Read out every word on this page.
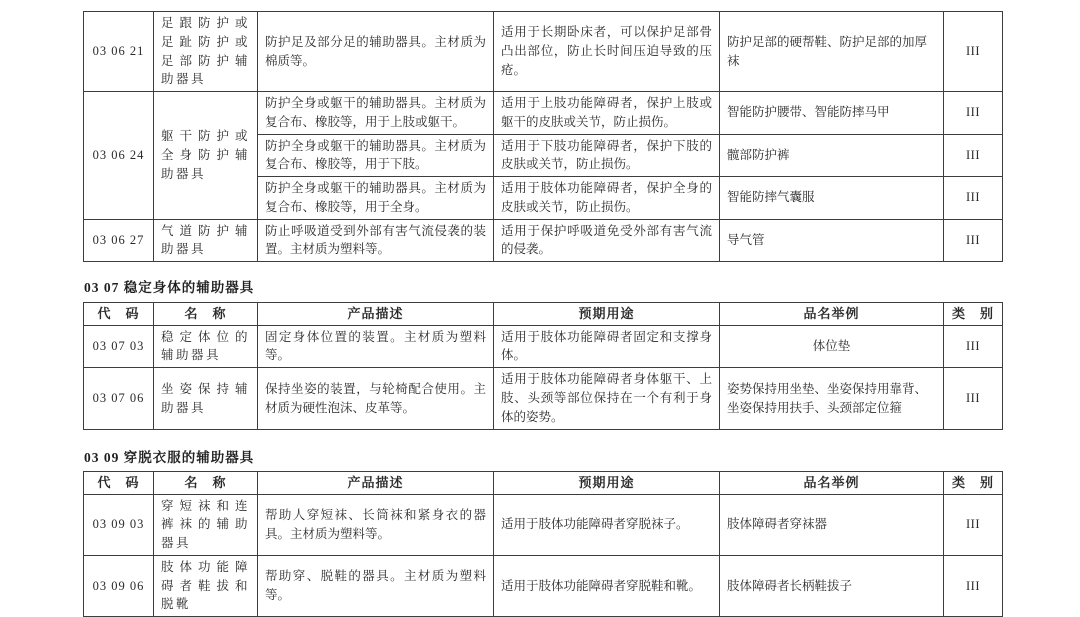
03 06 21	足跟防护或足趾防护或足部防护辅助器具	防护足及部分足的辅助器具。主材质为棉质等。	适用于长期卧床者，可以保护足部骨凸出部位，防止长时间压迫导致的压疮。	防护足部的硬帮鞋、防护足部的加厚袜	III
03 06 24	躯干防护或全身防护辅助器具	防护全身或躯干的辅助器具。主材质为复合布、橡胶等，用于上肢或躯干。	适用于上肢功能障碍者，保护上肢或躯干的皮肤或关节，防止损伤。	智能防护腰带、智能防摔马甲	III
		防护全身或躯干的辅助器具。主材质为复合布、橡胶等，用于下肢。	适用于下肢功能障碍者，保护下肢的皮肤或关节，防止损伤。	髋部防护裤	III
		防护全身或躯干的辅助器具。主材质为复合布、橡胶等，用于全身。	适用于肢体功能障碍者，保护全身的皮肤或关节，防止损伤。	智能防摔气囊服	III
03 06 27	气道防护辅助器具	防止呼吸道受到外部有害气流侵袭的装置。主材质为塑料等。	适用于保护呼吸道免受外部有害气流的侵袭。	导气管	III
03 07 稳定身体的辅助器具
代　码	名　称	产品描述	预期用途	品名举例	类　别
03 07 03	稳定体位的辅助器具	固定身体位置的装置。主材质为塑料等。	适用于肢体功能障碍者固定和支撑身体。	体位垫	III
03 07 06	坐姿保持辅助器具	保持坐姿的装置，与轮椅配合使用。主材质为硬性泡沫、皮革等。	适用于肢体功能障碍者身体躯干、上肢、头颈等部位保持在一个有利于身体的姿势。	姿势保持用坐垫、坐姿保持用靠背、坐姿保持用扶手、头颈部定位箍	III
03 09 穿脱衣服的辅助器具
代　码	名　称	产品描述	预期用途	品名举例	类　别
03 09 03	穿短袜和连裤袜的辅助器具	帮助人穿短袜、长筒袜和紧身衣的器具。主材质为塑料等。	适用于肢体功能障碍者穿脱袜子。	肢体障碍者穿袜器	III
03 09 06	肢体功能障碍者鞋拔和脱靴	帮助穿、脱鞋的器具。主材质为塑料等。	适用于肢体功能障碍者穿脱鞋和靴。	肢体障碍者长柄鞋拔子	III
